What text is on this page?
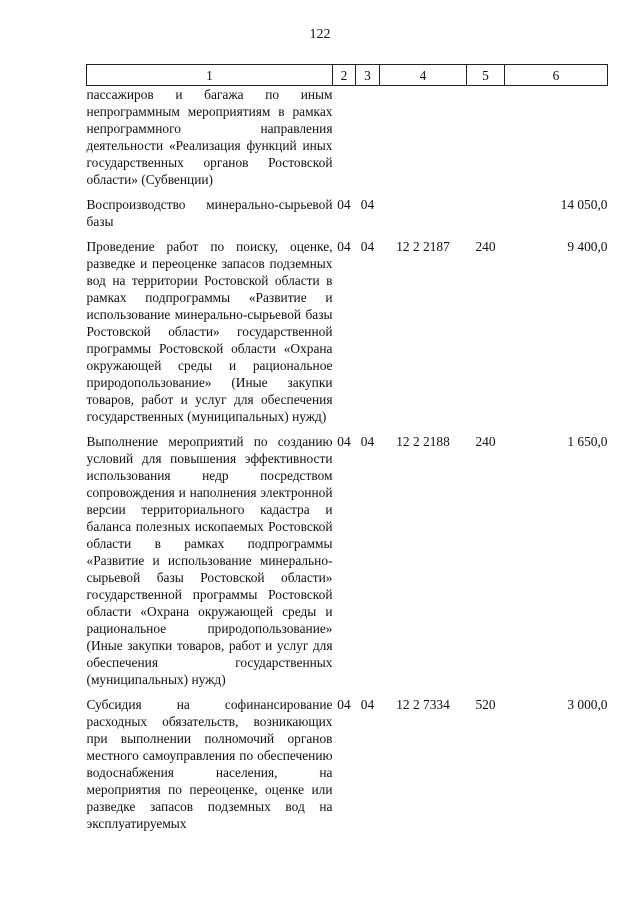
122
1	2	3	4	5	6
пассажиров и багажа по иным непрограммным мероприятиям в рамках непрограммного направления деятельности «Реализация функций иных государственных органов Ростовской области» (Субвенции)					
Воспроизводство минерально-сырьевой базы	04	04			14 050,0
Проведение работ по поиску, оценке, разведке и переоценке запасов подземных вод на территории Ростовской области в рамках подпрограммы «Развитие и использование минерально-сырьевой базы Ростовской области» государственной программы Ростовской области «Охрана окружающей среды и рациональное природопользование» (Иные закупки товаров, работ и услуг для обеспечения государственных (муниципальных) нужд)	04	04	12 2 2187	240	9 400,0
Выполнение мероприятий по созданию условий для повышения эффективности использования недр посредством сопровождения и наполнения электронной версии территориального кадастра и баланса полезных ископаемых Ростовской области в рамках подпрограммы «Развитие и использование минерально-сырьевой базы Ростовской области» государственной программы Ростовской области «Охрана окружающей среды и рациональное природопользование» (Иные закупки товаров, работ и услуг для обеспечения государственных (муниципальных) нужд)	04	04	12 2 2188	240	1 650,0
Субсидия на софинансирование расходных обязательств, возникающих при выполнении полномочий органов местного самоуправления по обеспечению водоснабжения населения, на мероприятия по переоценке, оценке или разведке запасов подземных вод на эксплуатируемых	04	04	12 2 7334	520	3 000,0
